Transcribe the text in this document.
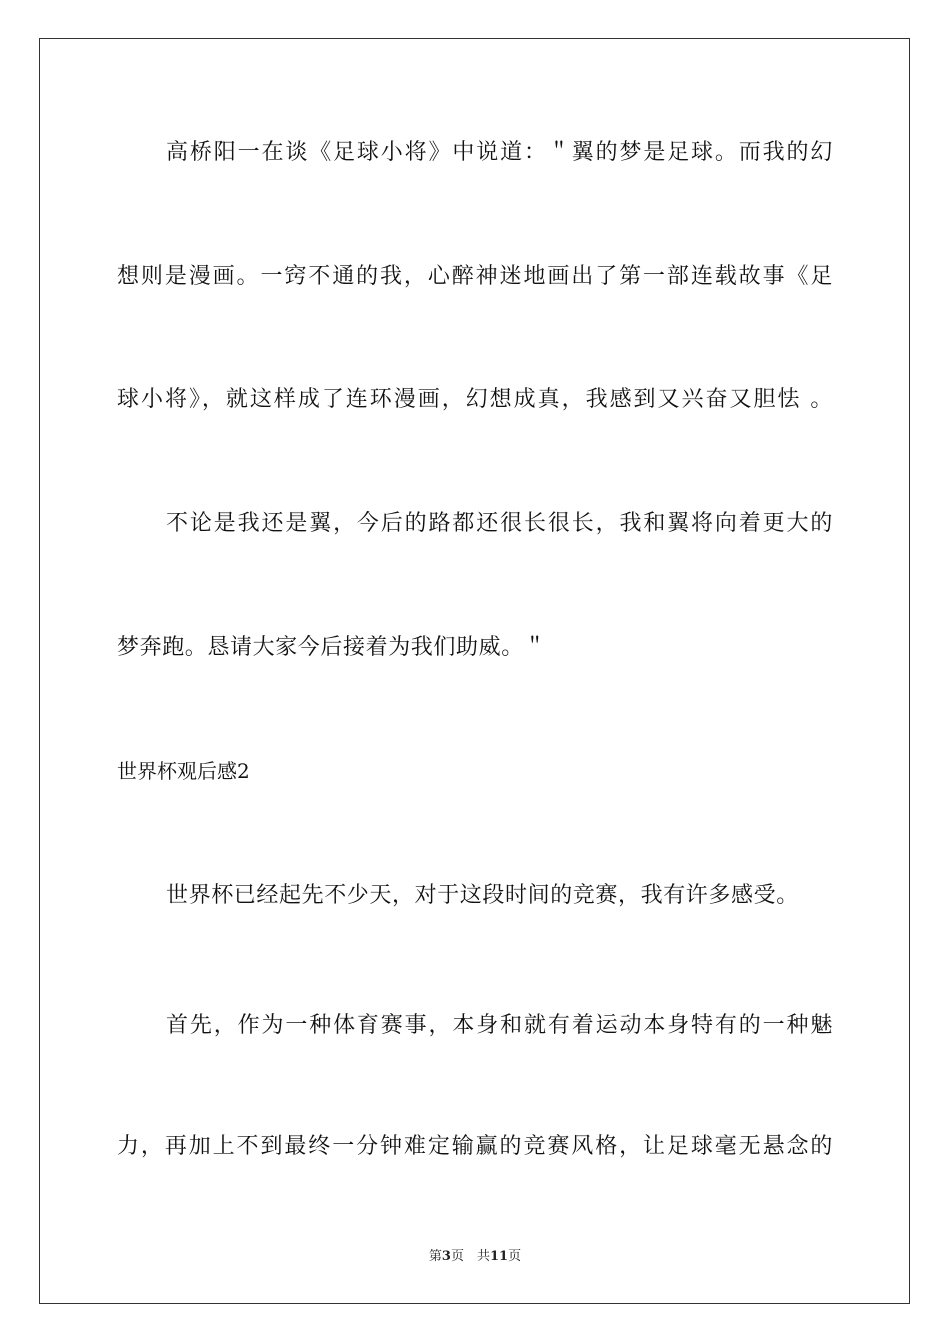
高桥阳一在谈《足球小将》中说道：＂翼的梦是足球。而我的幻
想则是漫画。一窍不通的我，心醉神迷地画出了第一部连载故事《足
球小将》，就这样成了连环漫画，幻想成真，我感到又兴奋又胆怯 。
不论是我还是翼，今后的路都还很长很长，我和翼将向着更大的
梦奔跑。恳请大家今后接着为我们助威。＂
世界杯观后感2
世界杯已经起先不少天，对于这段时间的竞赛，我有许多感受。
首先，作为一种体育赛事，本身和就有着运动本身特有的一种魅
力，再加上不到最终一分钟难定输赢的竞赛风格，让足球毫无悬念的
第3页　共11页
